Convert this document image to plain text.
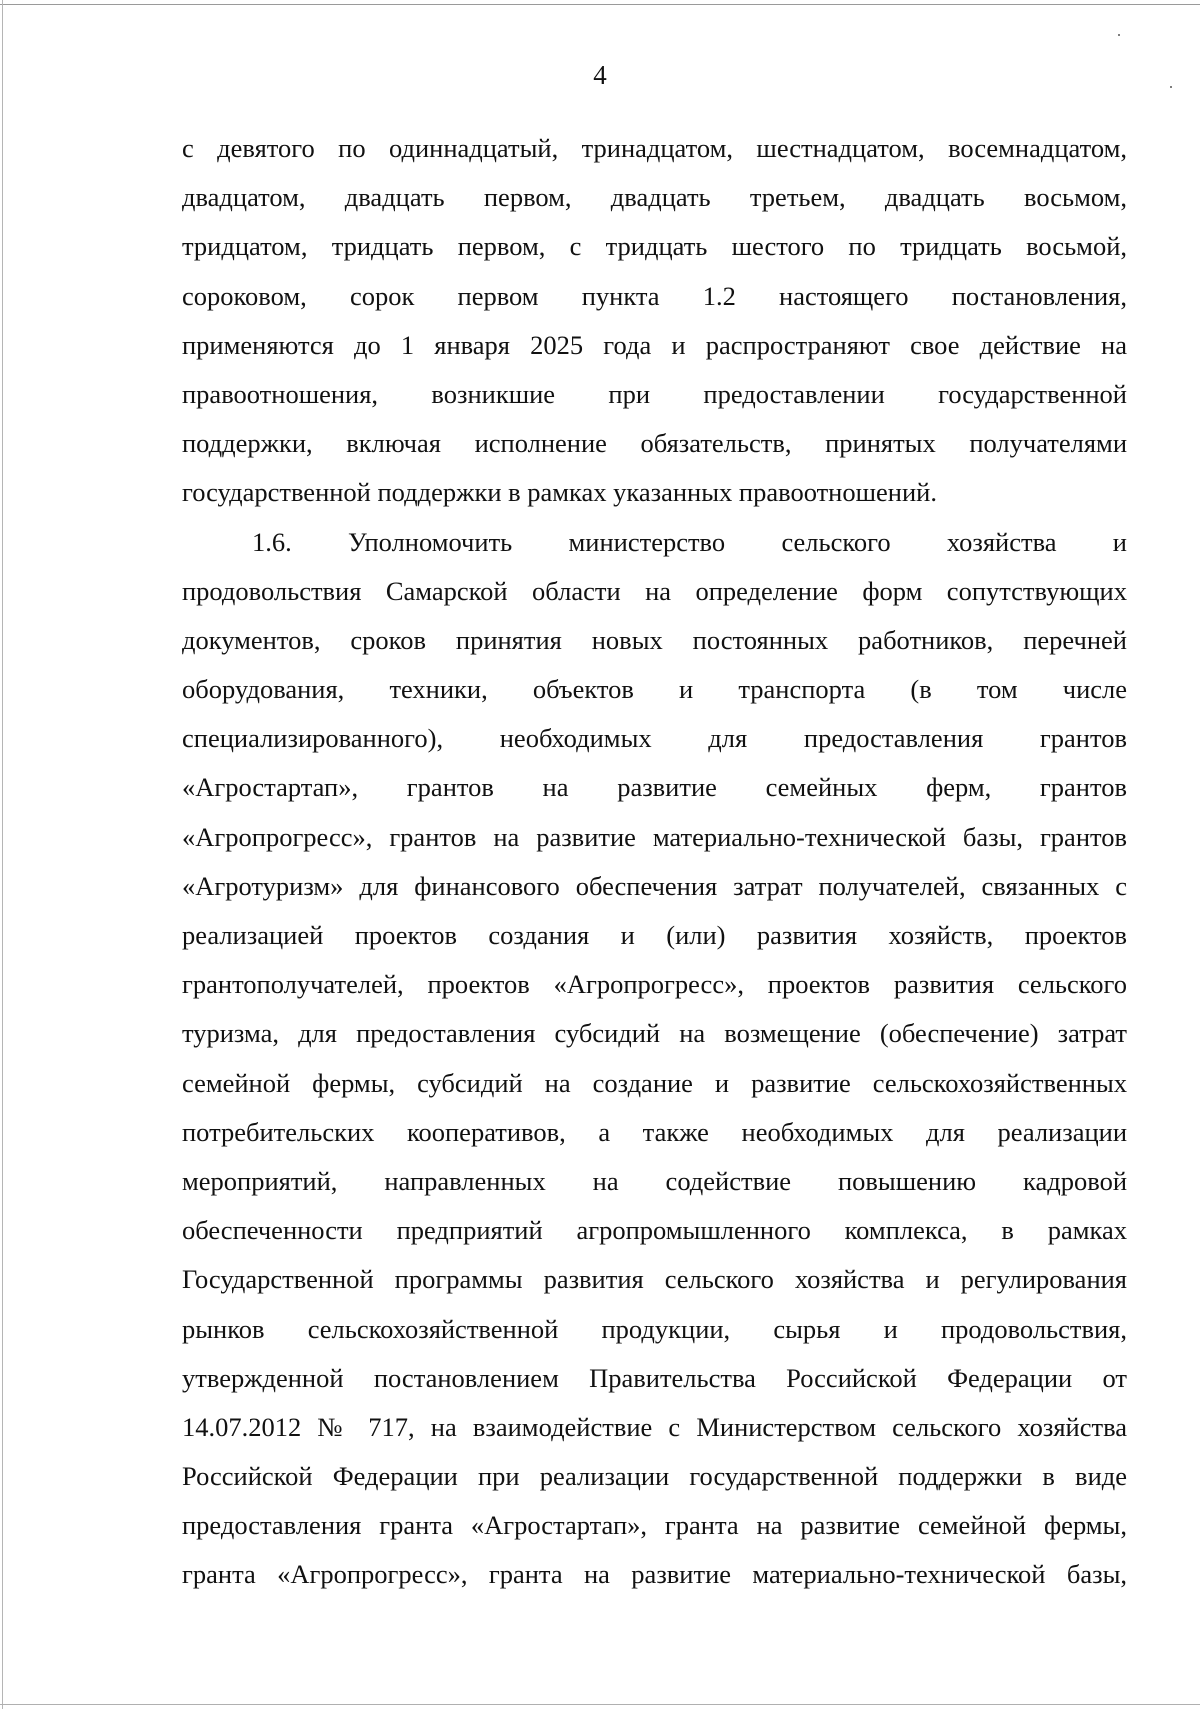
4
с девятого по одиннадцатый, тринадцатом, шестнадцатом, восемнадцатом,
двадцатом, двадцать первом, двадцать третьем, двадцать восьмом,
тридцатом, тридцать первом, с тридцать шестого по тридцать восьмой,
сороковом, сорок первом пункта 1.2 настоящего постановления,
применяются до 1 января 2025 года и распространяют свое действие на
правоотношения, возникшие при предоставлении государственной
поддержки, включая исполнение обязательств, принятых получателями
государственной поддержки в рамках указанных правоотношений.
1.6. Уполномочить министерство сельского хозяйства и
продовольствия Самарской области на определение форм сопутствующих
документов, сроков принятия новых постоянных работников, перечней
оборудования, техники, объектов и транспорта (в том числе
специализированного), необходимых для предоставления грантов
«Агростартап», грантов на развитие семейных ферм, грантов
«Агропрогресс», грантов на развитие материально-технической базы, грантов
«Агротуризм» для финансового обеспечения затрат получателей, связанных с
реализацией проектов создания и (или) развития хозяйств, проектов
грантополучателей, проектов «Агропрогресс», проектов развития сельского
туризма, для предоставления субсидий на возмещение (обеспечение) затрат
семейной фермы, субсидий на создание и развитие сельскохозяйственных
потребительских кооперативов, а также необходимых для реализации
мероприятий, направленных на содействие повышению кадровой
обеспеченности предприятий агропромышленного комплекса, в рамках
Государственной программы развития сельского хозяйства и регулирования
рынков сельскохозяйственной продукции, сырья и продовольствия,
утвержденной постановлением Правительства Российской Федерации от
14.07.2012 № 717, на взаимодействие с Министерством сельского хозяйства
Российской Федерации при реализации государственной поддержки в виде
предоставления гранта «Агростартап», гранта на развитие семейной фермы,
гранта «Агропрогресс», гранта на развитие материально-технической базы,
